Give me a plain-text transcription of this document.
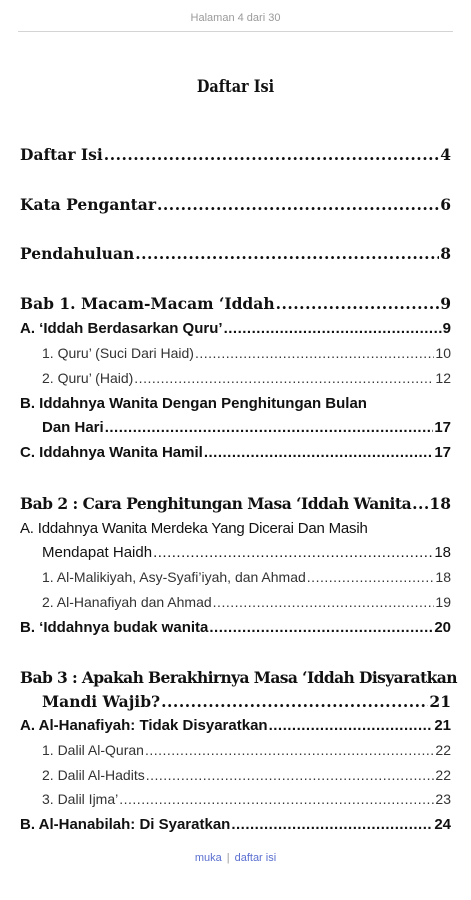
Halaman 4 dari 30
Daftar Isi
Daftar Isi .....	4
Kata Pengantar .....	6
Pendahuluan .....	8
Bab 1. Macam-Macam ‘Iddah .....	9
A. ‘Iddah Berdasarkan Quru’ .....	9
1. Quru’ (Suci Dari Haid) .....	10
2. Quru’ (Haid) .....	12
B. Iddahnya Wanita Dengan Penghitungan Bulan
Dan Hari .....	17
C. Iddahnya Wanita Hamil .....	17
Bab 2 : Cara Penghitungan Masa ‘Iddah Wanita ..... 18
A. Iddahnya Wanita Merdeka Yang Dicerai Dan Masih
Mendapat Haidh .....	18
1. Al-Malikiyah, Asy-Syafi’iyah, dan Ahmad .....	18
2. Al-Hanafiyah dan Ahmad .....	19
B. ‘Iddahnya budak wanita .....	20
Bab 3 : Apakah Berakhirnya Masa ‘Iddah Disyaratkan
Mandi Wajib? .....	21
A. Al-Hanafiyah: Tidak Disyaratkan .....	21
1. Dalil Al-Quran .....	22
2. Dalil Al-Hadits .....	22
3. Dalil Ijma’ .....	23
B. Al-Hanabilah: Di Syaratkan .....	24
muka | daftar isi
